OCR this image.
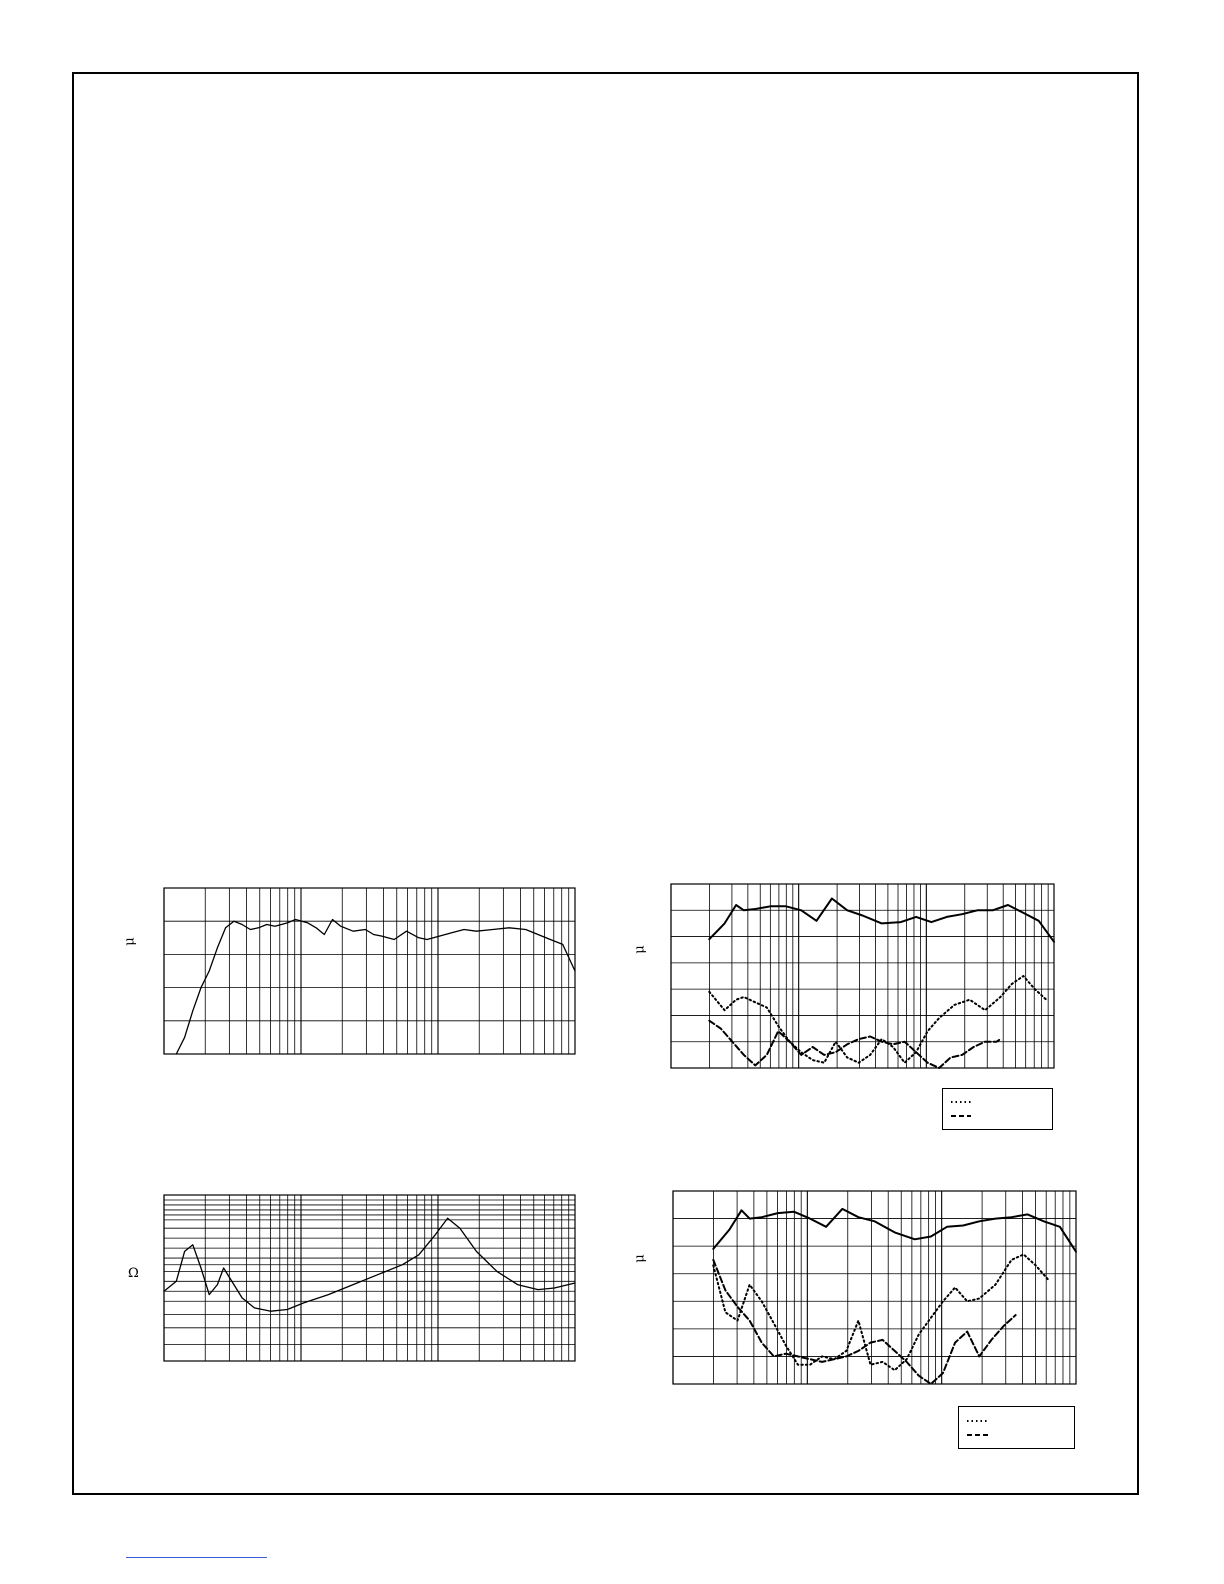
μ
Ω
μ
μ
